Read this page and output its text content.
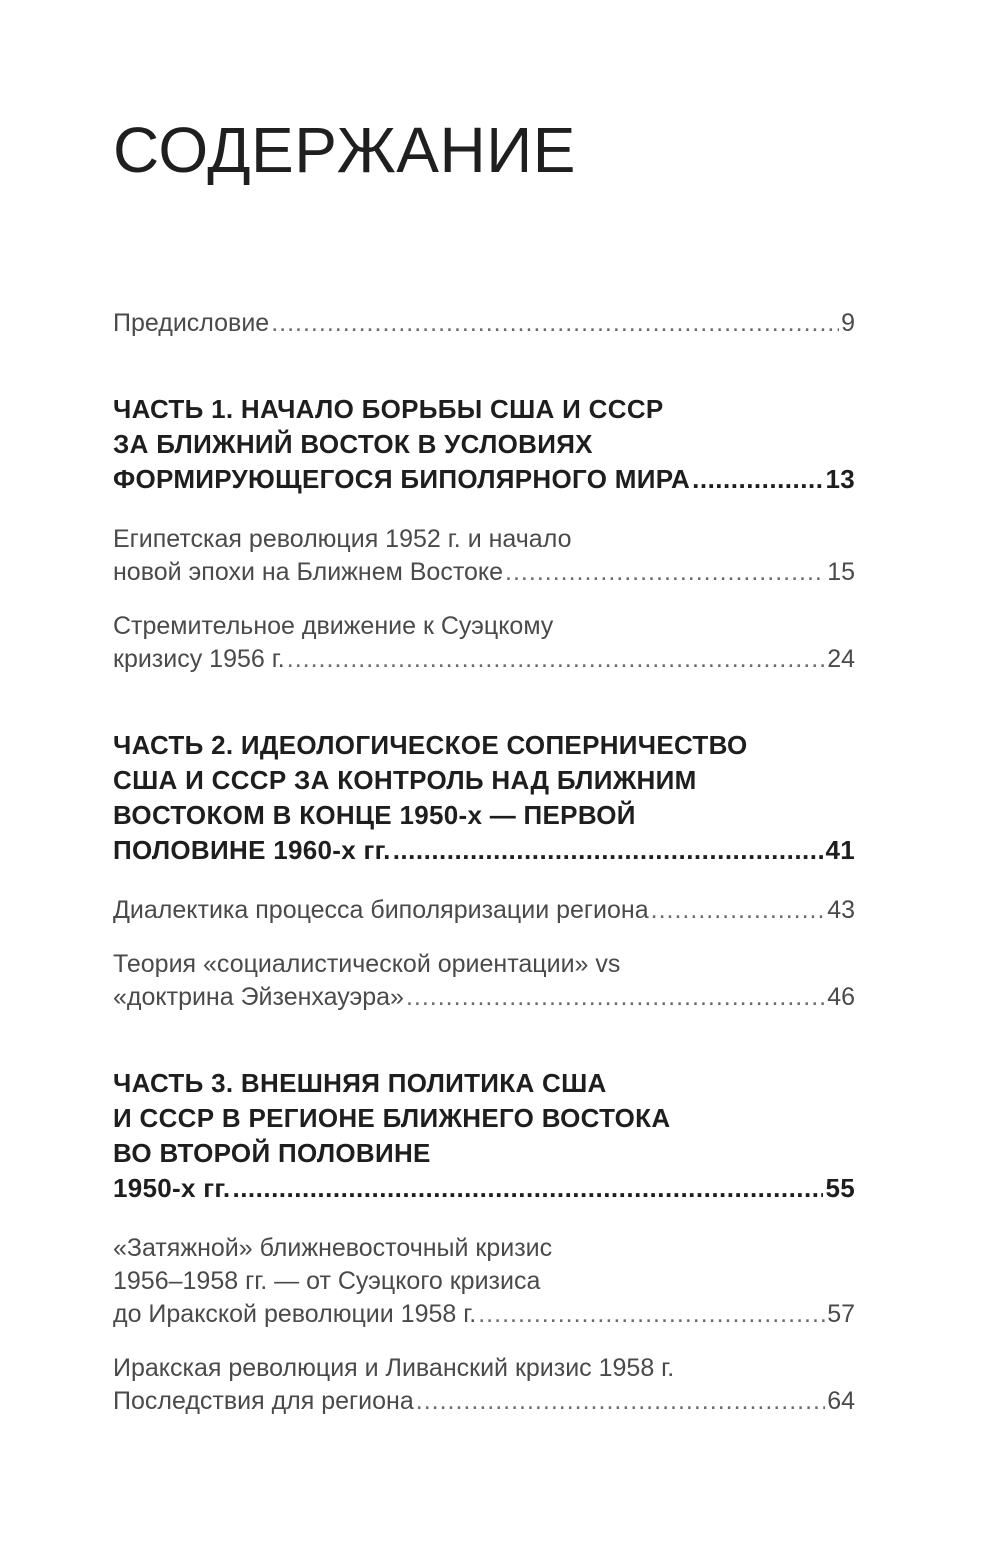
СОДЕРЖАНИЕ
Предисловие .....	9
ЧАСТЬ 1. НАЧАЛО БОРЬБЫ США И СССР
ЗА БЛИЖНИЙ ВОСТОК В УСЛОВИЯХ
ФОРМИРУЮЩЕГОСЯ БИПОЛЯРНОГО МИРА .....	13
Египетская революция 1952 г. и начало
новой эпохи на Ближнем Востоке .....	15
Стремительное движение к Суэцкому
кризису 1956 г. .....	24
ЧАСТЬ 2. ИДЕОЛОГИЧЕСКОЕ СОПЕРНИЧЕСТВО
США И СССР ЗА КОНТРОЛЬ НАД БЛИЖНИМ
ВОСТОКОМ В КОНЦЕ 1950-х — ПЕРВОЙ
ПОЛОВИНЕ 1960-х гг. .....	41
Диалектика процесса биполяризации региона .....	43
Теория «социалистической ориентации» vs
«доктрина Эйзенхауэра» .....	46
ЧАСТЬ 3. ВНЕШНЯЯ ПОЛИТИКА США
И СССР В РЕГИОНЕ БЛИЖНЕГО ВОСТОКА
ВО ВТОРОЙ ПОЛОВИНЕ
1950-х гг. .....	55
«Затяжной» ближневосточный кризис
1956–1958 гг. — от Суэцкого кризиса
до Иракской революции 1958 г. .....	57
Иракская революция и Ливанский кризис 1958 г.
Последствия для региона .....	64
